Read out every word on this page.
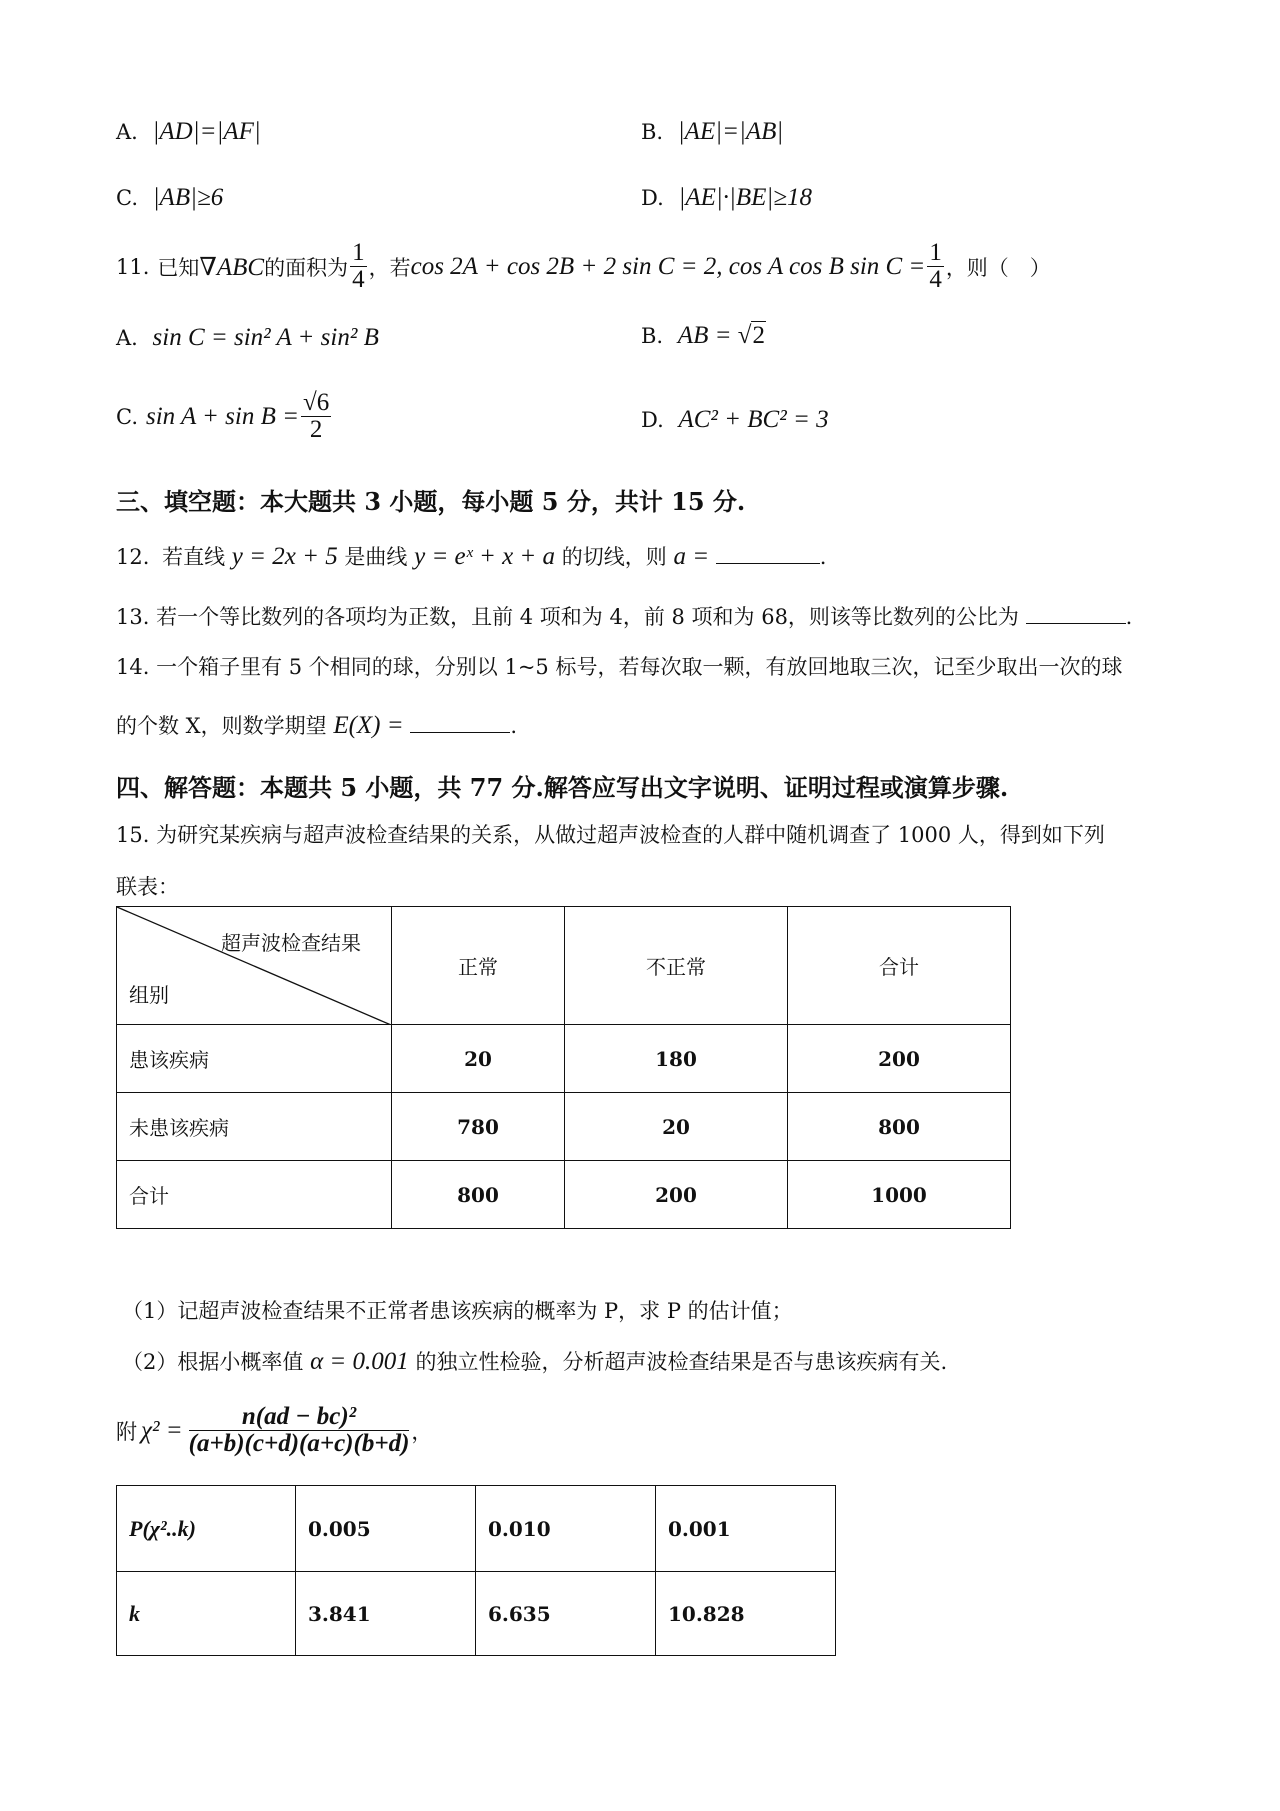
A. |AD|=|AF|	B. |AE|=|AB|
C. |AB|≥6	D. |AE|·|BE|≥18
11. 已知 ∇ABC 的面积为 $\frac{1}{4}$ ，若 cos 2A + cos 2B + 2 sin C = 2, cos A cos B $\sin C = \frac{1}{4}$ ，则（　）
A. sin C = sin² A + sin² B	B. AB = √2
C. $\sin A + \sin B = \frac{√6}{2}$	D. AC² + BC² = 3
三、填空题：本大题共 3 小题，每小题 5 分，共计 15 分.
12. 若直线 y = 2x + 5 是曲线 y = eˣ + x + a 的切线，则 a =	.
13. 若一个等比数列的各项均为正数，且前 4 项和为 4，前 8 项和为 68，则该等比数列的公比为	.
14. 一个箱子里有 5 个相同的球，分别以 1~5 标号，若每次取一颗，有放回地取三次，记至少取出一次的球
的个数 X，则数学期望 E(X) =	.
四、解答题：本题共 5 小题，共 77 分.解答应写出文字说明、证明过程或演算步骤.
15. 为研究某疾病与超声波检查结果的关系，从做过超声波检查的人群中随机调查了 1000 人，得到如下列
联表：
超声波检查结果
组别	正常	不正常	合计
患该疾病	20	180	200
未患该疾病	780	20	800
合计	800	200	1000
（1）记超声波检查结果不正常者患该疾病的概率为 P，求 P 的估计值；
（2）根据小概率值 α = 0.001 的独立性检验，分析超声波检查结果是否与患该疾病有关.
附 $\chi^2 = \frac{\text{n(ad − bc)²}}{(a+b)(c+d)(a+c)(b+d)}$ ，
P(χ²..k)	0.005	0.010	0.001
k	3.841	6.635	10.828
